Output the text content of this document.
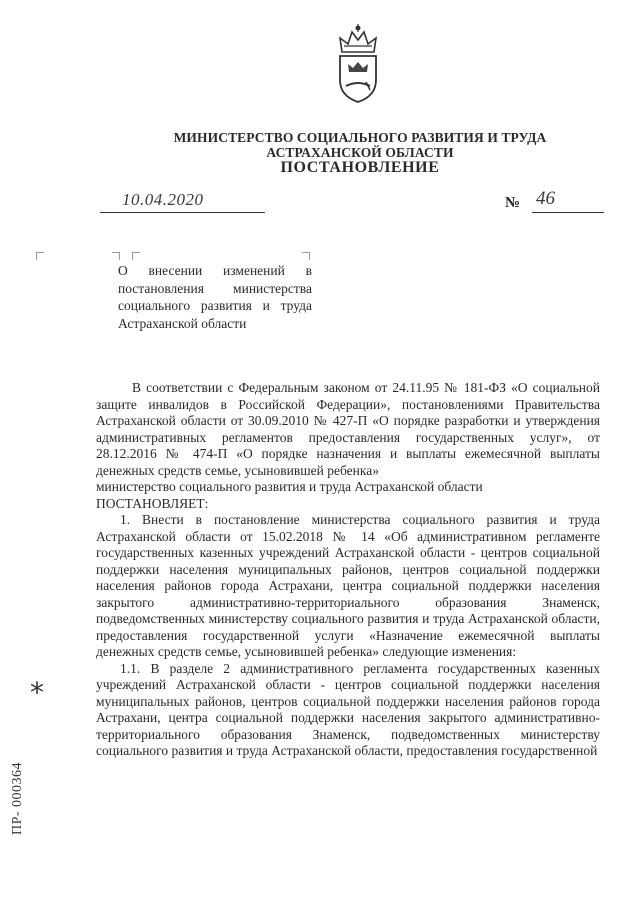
МИНИСТЕРСТВО СОЦИАЛЬНОГО РАЗВИТИЯ И ТРУДА
АСТРАХАНСКОЙ ОБЛАСТИ
ПОСТАНОВЛЕНИЕ
10.04.2020	№ 46
О внесении изменений в постановления министерства социального развития и труда Астраханской области

В соответствии с Федеральным законом от 24.11.95 № 181-ФЗ «О социальной защите инвалидов в Российской Федерации», постановлениями Правительства Астраханской области от 30.09.2010 № 427-П «О порядке разработки и утверждения административных регламентов предоставления государственных услуг», от 28.12.2016 № 474-П «О порядке назначения и выплаты ежемесячной выплаты денежных средств семье, усыновившей ребенка»

министерство социального развития и труда Астраханской области

ПОСТАНОВЛЯЕТ:

1. Внести в постановление министерства социального развития и труда Астраханской области от 15.02.2018 № 14 «Об административном регламенте государственных казенных учреждений Астраханской области - центров социальной поддержки населения муниципальных районов, центров социальной поддержки населения районов города Астрахани, центра социальной поддержки населения закрытого административно-территориального образования Знаменск, подведомственных министерству социального развития и труда Астраханской области, предоставления государственной услуги «Назначение ежемесячной выплаты денежных средств семье, усыновившей ребенка» следующие изменения:

1.1. В разделе 2 административного регламента государственных казенных учреждений Астраханской области - центров социальной поддержки населения муниципальных районов, центров социальной поддержки населения районов города Астрахани, центра социальной поддержки населения закрытого административно-территориального образования Знаменск, подведомственных министерству социального развития и труда Астраханской области, предоставления государственной

*
ПР- 000364
